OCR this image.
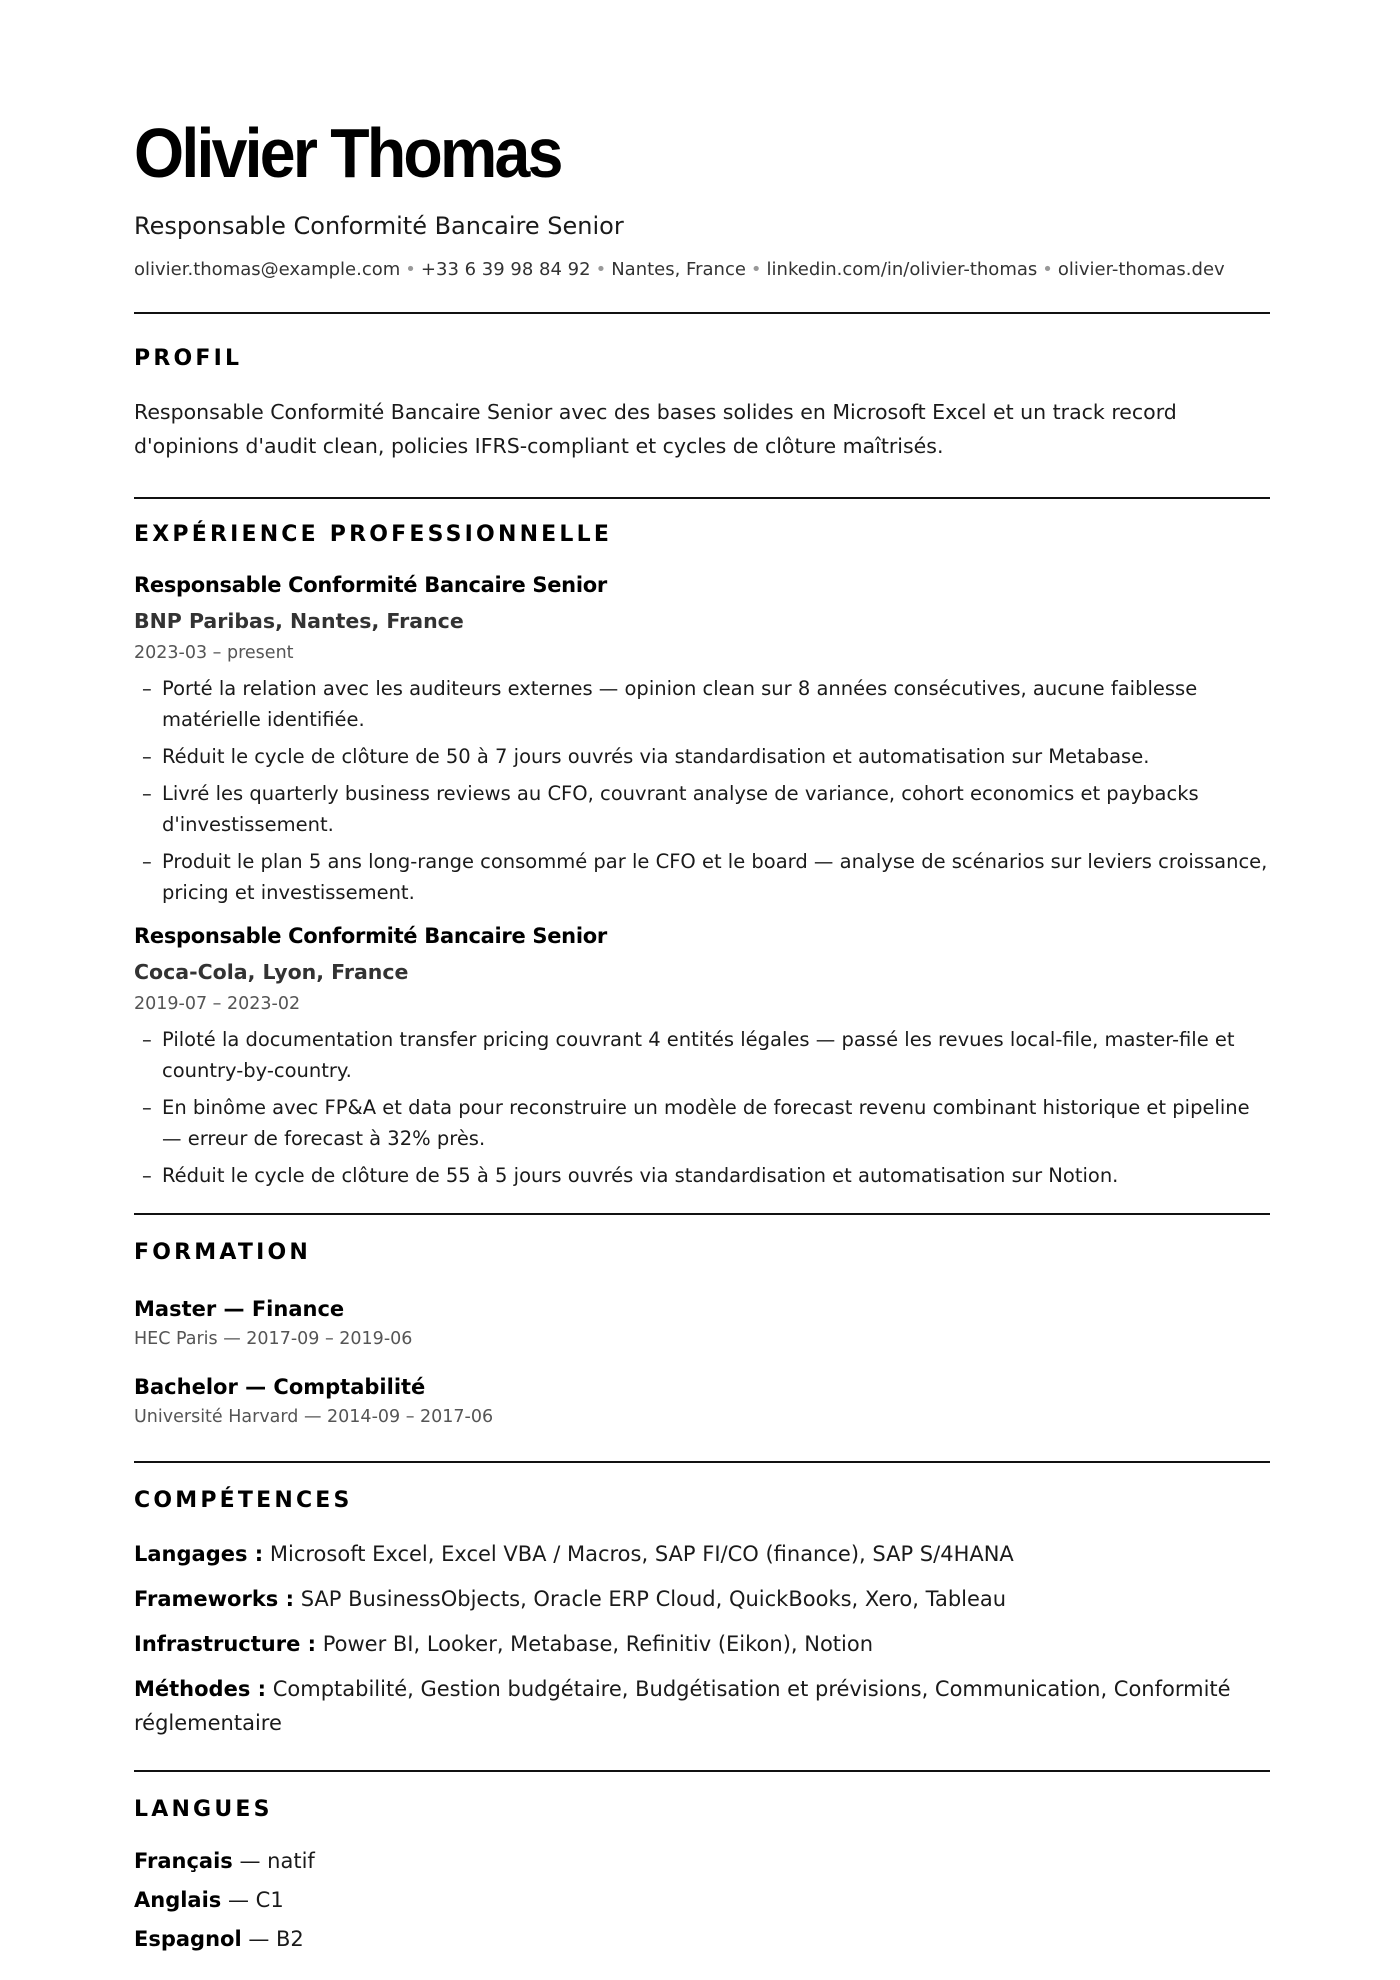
Olivier Thomas
Responsable Conformité Bancaire Senior
olivier.thomas@example.com • +33 6 39 98 84 92 • Nantes, France • linkedin.com/in/olivier-thomas • olivier-thomas.dev
PROFIL
Responsable Conformité Bancaire Senior avec des bases solides en Microsoft Excel et un track record d'opinions d'audit clean, policies IFRS-compliant et cycles de clôture maîtrisés.
EXPÉRIENCE PROFESSIONNELLE
Responsable Conformité Bancaire Senior
BNP Paribas, Nantes, France
2023-03 – present
– Porté la relation avec les auditeurs externes — opinion clean sur 8 années consécutives, aucune faiblesse matérielle identifiée.
– Réduit le cycle de clôture de 50 à 7 jours ouvrés via standardisation et automatisation sur Metabase.
– Livré les quarterly business reviews au CFO, couvrant analyse de variance, cohort economics et paybacks d'investissement.
– Produit le plan 5 ans long-range consommé par le CFO et le board — analyse de scénarios sur leviers croissance, pricing et investissement.
Responsable Conformité Bancaire Senior
Coca-Cola, Lyon, France
2019-07 – 2023-02
– Piloté la documentation transfer pricing couvrant 4 entités légales — passé les revues local-file, master-file et country-by-country.
– En binôme avec FP&A et data pour reconstruire un modèle de forecast revenu combinant historique et pipeline — erreur de forecast à 32% près.
– Réduit le cycle de clôture de 55 à 5 jours ouvrés via standardisation et automatisation sur Notion.
FORMATION
Master — Finance
HEC Paris — 2017-09 – 2019-06
Bachelor — Comptabilité
Université Harvard — 2014-09 – 2017-06
COMPÉTENCES
Langages : Microsoft Excel, Excel VBA / Macros, SAP FI/CO (finance), SAP S/4HANA
Frameworks : SAP BusinessObjects, Oracle ERP Cloud, QuickBooks, Xero, Tableau
Infrastructure : Power BI, Looker, Metabase, Refinitiv (Eikon), Notion
Méthodes : Comptabilité, Gestion budgétaire, Budgétisation et prévisions, Communication, Conformité réglementaire
LANGUES
Français — natif
Anglais — C1
Espagnol — B2
